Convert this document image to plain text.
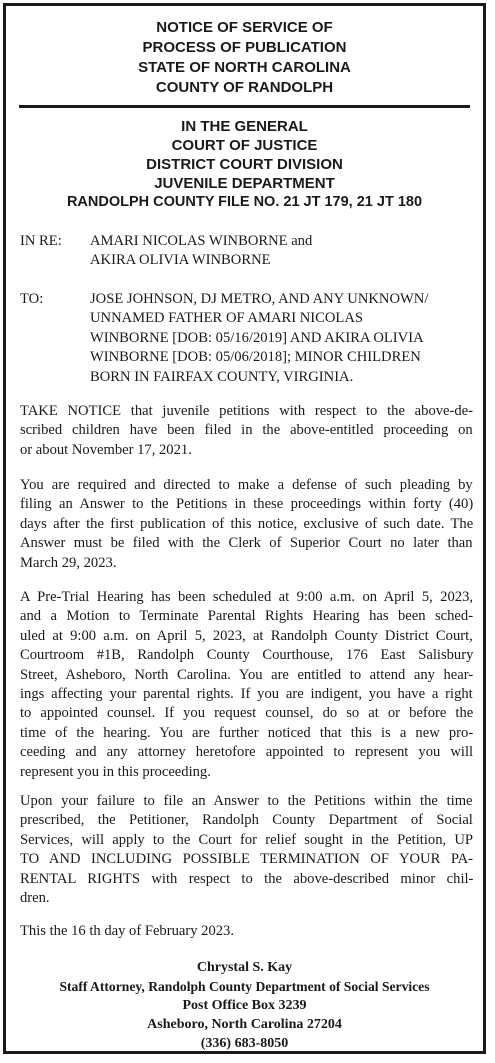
NOTICE OF SERVICE OF
PROCESS OF PUBLICATION
STATE OF NORTH CAROLINA
COUNTY OF RANDOLPH
IN THE GENERAL
COURT OF JUSTICE
DISTRICT COURT DIVISION
JUVENILE DEPARTMENT
RANDOLPH COUNTY FILE NO. 21 JT 179, 21 JT 180
IN RE: AMARI NICOLAS WINBORNE and
AKIRA OLIVIA WINBORNE
TO:	JOSE JOHNSON, DJ METRO, AND ANY UNKNOWN/
UNNAMED FATHER OF AMARI NICOLAS
WINBORNE [DOB: 05/16/2019] AND AKIRA OLIVIA
WINBORNE [DOB: 05/06/2018]; MINOR CHILDREN
BORN IN FAIRFAX COUNTY, VIRGINIA.
TAKE NOTICE that juvenile petitions with respect to the above-de-
scribed children have been filed in the above-entitled proceeding on
or about November 17, 2021.
You are required and directed to make a defense of such pleading by
filing an Answer to the Petitions in these proceedings within forty (40)
days after the first publication of this notice, exclusive of such date. The
Answer must be filed with the Clerk of Superior Court no later than
March 29, 2023.
A Pre-Trial Hearing has been scheduled at 9:00 a.m. on April 5, 2023,
and a Motion to Terminate Parental Rights Hearing has been sched-
uled at 9:00 a.m. on April 5, 2023, at Randolph County District Court,
Courtroom #1B, Randolph County Courthouse, 176 East Salisbury
Street, Asheboro, North Carolina. You are entitled to attend any hear-
ings affecting your parental rights. If you are indigent, you have a right
to appointed counsel. If you request counsel, do so at or before the
time of the hearing. You are further noticed that this is a new pro-
ceeding and any attorney heretofore appointed to represent you will
represent you in this proceeding.
Upon your failure to file an Answer to the Petitions within the time
prescribed, the Petitioner, Randolph County Department of Social
Services, will apply to the Court for relief sought in the Petition, UP
TO AND INCLUDING POSSIBLE TERMINATION OF YOUR PA-
RENTAL RIGHTS with respect to the above-described minor chil-
dren.
This the 16 th day of February 2023.
Chrystal S. Kay
Staff Attorney, Randolph County Department of Social Services
Post Office Box 3239
Asheboro, North Carolina 27204
(336) 683-8050
